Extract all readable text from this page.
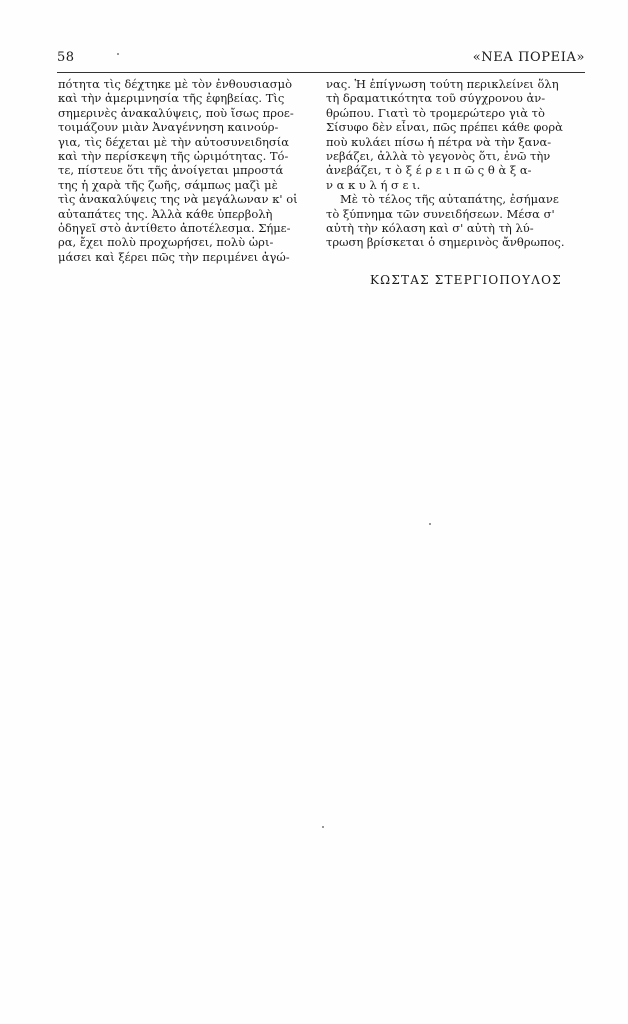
58	«ΝΕΑ ΠΟΡΕΙΑ»
πότητα τὶς δέχτηκε μὲ τὸν ἐνθουσιασμὸ
καὶ τὴν ἀμεριμνησία τῆς ἐφηβείας. Τὶς
σημερινὲς ἀνακαλύψεις, ποὺ ἴσως προε-
τοιμάζουν μιὰν Ἀναγέννηση καινούρ-
για, τὶς δέχεται μὲ τὴν αὐτοσυνειδησία
καὶ τὴν περίσκεψη τῆς ὡριμότητας. Τό-
τε, πίστευε ὅτι τῆς ἀνοίγεται μπροστά
της ἡ χαρὰ τῆς ζωῆς, σάμπως μαζὶ μὲ
τὶς ἀνακαλύψεις της νὰ μεγάλωναν κ' οἱ
αὐταπάτες της. Ἀλλὰ κάθε ὑπερβολὴ
ὁδηγεῖ στὸ ἀντίθετο ἀποτέλεσμα. Σήμε-
ρα, ἔχει πολὺ προχωρήσει, πολὺ ὡρι-
μάσει καὶ ξέρει πῶς τὴν περιμένει ἀγώ-
νας. Ἡ ἐπίγνωση τούτη περικλείνει ὅλη
τὴ δραματικότητα τοῦ σύγχρονου ἀν-
θρώπου. Γιατὶ τὸ τρομερώτερο γιὰ τὸ
Σίσυφο δὲν εἶναι, πῶς πρέπει κάθε φορὰ
ποὺ κυλάει πίσω ἡ πέτρα νὰ τὴν ξανα-
νεβάζει, ἀλλὰ τὸ γεγονὸς ὅτι, ἐνῶ τὴν
ἀνεβάζει, τ ὸ ξ έ ρ ε ι π ῶ ς θ ὰ ξ α-
ν α κ υ λ ή σ ε ι.
Μὲ τὸ τέλος τῆς αὐταπάτης, ἐσήμανε
τὸ ξύπνημα τῶν συνειδήσεων. Μέσα σ'
αὐτὴ τὴν κόλαση καὶ σ' αὐτὴ τὴ λύ-
τρωση βρίσκεται ὁ σημερινὸς ἄνθρωπος.
ΚΩΣΤΑΣ ΣΤΕΡΓΙΟΠΟΥΛΟΣ
